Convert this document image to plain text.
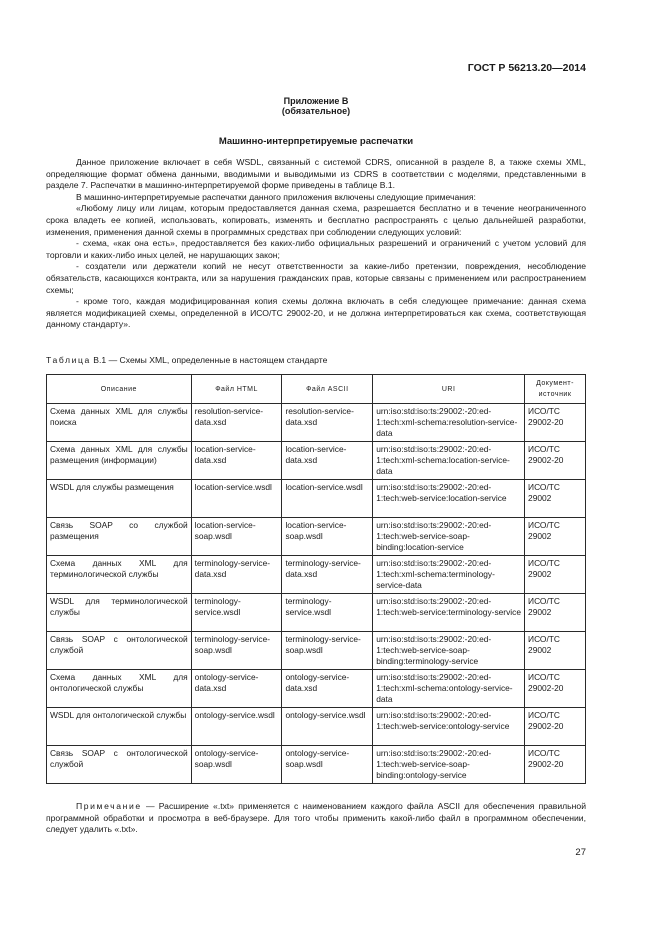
ГОСТ Р 56213.20—2014
Приложение В
(обязательное)
Машинно-интерпретируемые распечатки

Данное приложение включает в себя WSDL, связанный с системой CDRS, описанной в разделе 8, а также схемы XML, определяющие формат обмена данными, вводимыми и выводимыми из CDRS в соответствии с моделями, представленными в разделе 7. Распечатки в машинно-интерпретируемой форме приведены в таблице В.1.

В машинно-интерпретируемые распечатки данного приложения включены следующие примечания:

«Любому лицу или лицам, которым предоставляется данная схема, разрешается бесплатно и в течение неограниченного срока владеть ее копией, использовать, копировать, изменять и бесплатно распространять с целью дальнейшей разработки, изменения, применения данной схемы в программных средствах при соблюдении следующих условий:

- схема, «как она есть», предоставляется без каких-либо официальных разрешений и ограничений с учетом условий для торговли и каких-либо иных целей, не нарушающих закон;

- создатели или держатели копий не несут ответственности за какие-либо претензии, повреждения, несоблюдение обязательств, касающихся контракта, или за нарушения гражданских прав, которые связаны с применением или распространением схемы;

- кроме того, каждая модифицированная копия схемы должна включать в себя следующее примечание: данная схема является модификацией схемы, определенной в ИСО/ТС 29002-20, и не должна интерпретироваться как схема, соответствующая данному стандарту».

Таблица В.1 — Схемы XML, определенные в настоящем стандарте
Описание	Файл HTML	Файл ASCII	URI	Документ-источник
Схема данных XML для службы поиска	resolution-service-data.xsd	resolution-service-data.xsd	urn:iso:std:iso:ts:29002:-20:ed-1:tech:xml-schema:resolution-service-data	ИСО/ТС 29002-20
Схема данных XML для службы размещения (информации)	location-service-data.xsd	location-service-data.xsd	urn:iso:std:iso:ts:29002:-20:ed-1:tech:xml-schema:location-service-data	ИСО/ТС 29002-20
WSDL для службы размещения	location-service.wsdl	location-service.wsdl	urn:iso:std:iso:ts:29002:-20:ed-1:tech:web-service:location-service	ИСО/ТС 29002
Связь SOAP со службой размещения	location-service-soap.wsdl	location-service-soap.wsdl	urn:iso:std:iso:ts:29002:-20:ed-1:tech:web-service-soap-binding:location-service	ИСО/ТС 29002
Схема данных XML для терминологической службы	terminology-service-data.xsd	terminology-service-data.xsd	urn:iso:std:iso:ts:29002:-20:ed-1:tech:xml-schema:terminology-service-data	ИСО/ТС 29002
WSDL для терминологической службы	terminology-service.wsdl	terminology-service.wsdl	urn:iso:std:iso:ts:29002:-20:ed-1:tech:web-service:terminology-service	ИСО/ТС 29002
Связь SOAP с онтологической службой	terminology-service-soap.wsdl	terminology-service-soap.wsdl	urn:iso:std:iso:ts:29002:-20:ed-1:tech:web-service-soap-binding:terminology-service	ИСО/ТС 29002
Схема данных XML для онтологической службы	ontology-service-data.xsd	ontology-service-data.xsd	urn:iso:std:iso:ts:29002:-20:ed-1:tech:xml-schema:ontology-service-data	ИСО/ТС 29002-20
WSDL для онтологической службы	ontology-service.wsdl	ontology-service.wsdl	urn:iso:std:iso:ts:29002:-20:ed-1:tech:web-service:ontology-service	ИСО/ТС 29002-20
Связь SOAP с онтологической службой	ontology-service-soap.wsdl	ontology-service-soap.wsdl	urn:iso:std:iso:ts:29002:-20:ed-1:tech:web-service-soap-binding:ontology-service	ИСО/ТС 29002-20

Примечание — Расширение «.txt» применяется с наименованием каждого файла ASCII для обеспечения правильной программной обработки и просмотра в веб-браузере. Для того чтобы применить какой-либо файл в программном обеспечении, следует удалить «.txt».

27
